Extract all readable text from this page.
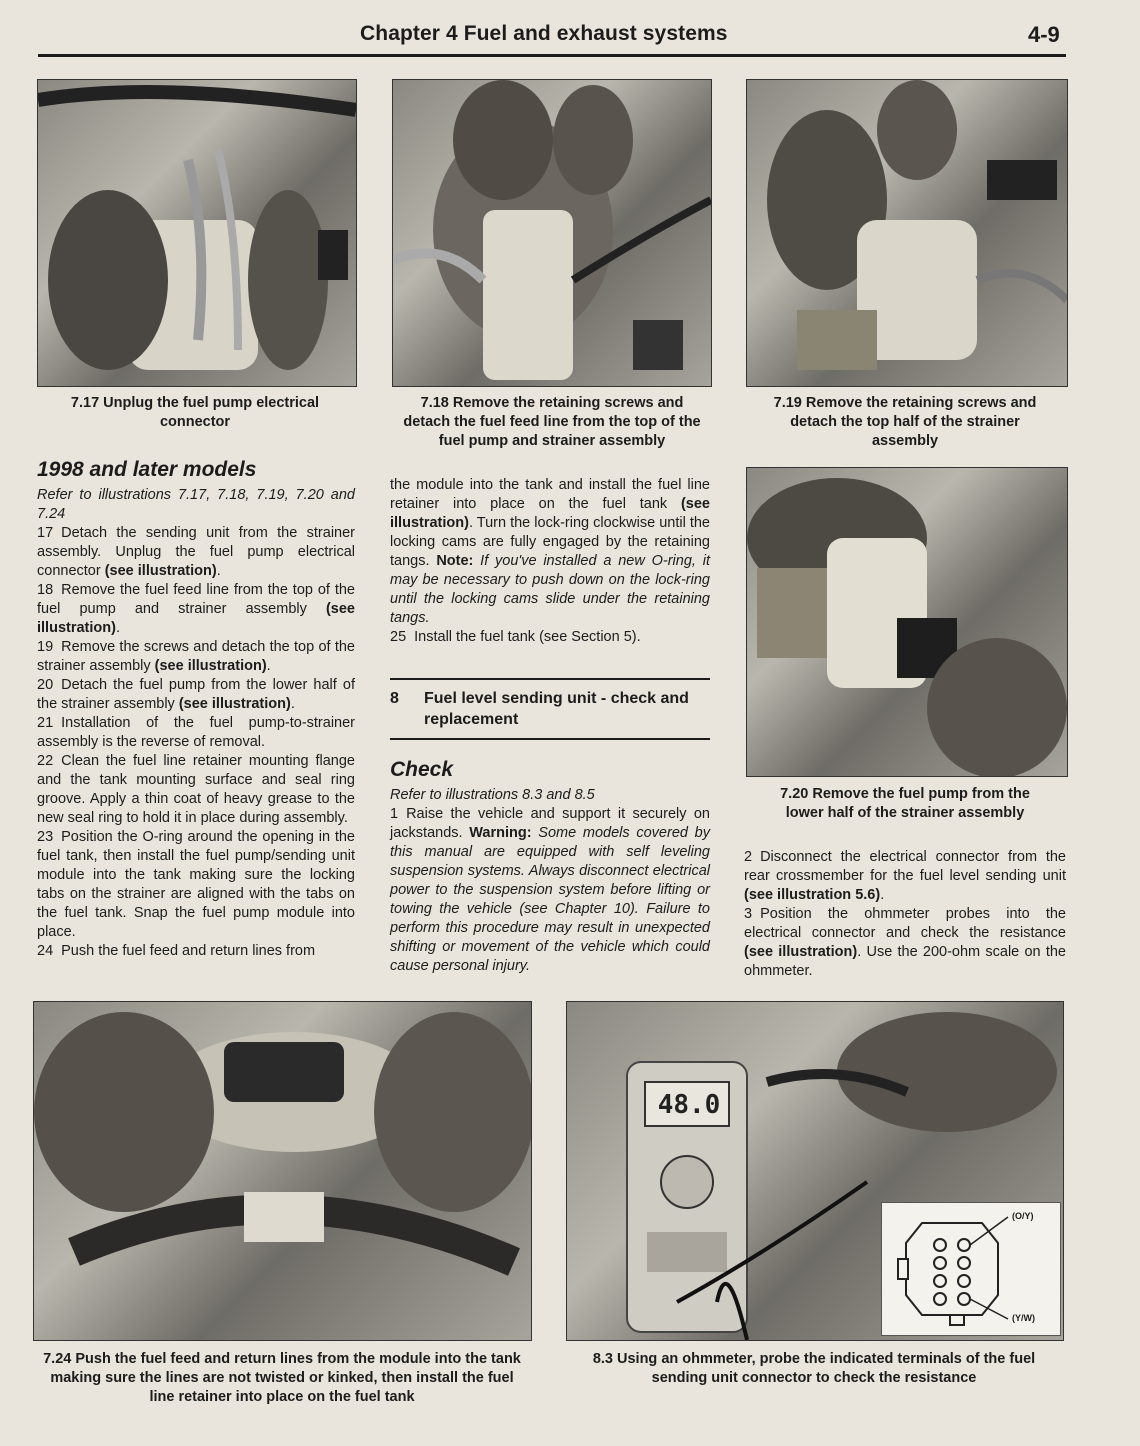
Chapter 4 Fuel and exhaust systems	4-9
7.17 Unplug the fuel pump electrical connector
7.18 Remove the retaining screws and detach the fuel feed line from the top of the fuel pump and strainer assembly
7.19 Remove the retaining screws and detach the top half of the strainer assembly
1998 and later models

Refer to illustrations 7.17, 7.18, 7.19, 7.20 and 7.24

17 Detach the sending unit from the strainer assembly. Unplug the fuel pump electrical connector (see illustration).

18 Remove the fuel feed line from the top of the fuel pump and strainer assembly (see illustration).

19 Remove the screws and detach the top of the strainer assembly (see illustration).

20 Detach the fuel pump from the lower half of the strainer assembly (see illustration).

21 Installation of the fuel pump-to-strainer assembly is the reverse of removal.

22 Clean the fuel line retainer mounting flange and the tank mounting surface and seal ring groove. Apply a thin coat of heavy grease to the new seal ring to hold it in place during assembly.

23 Position the O-ring around the opening in the fuel tank, then install the fuel pump/sending unit module into the tank making sure the locking tabs on the strainer are aligned with the tabs on the fuel tank. Snap the fuel pump module into place.

24 Push the fuel feed and return lines from

the module into the tank and install the fuel line retainer into place on the fuel tank (see illustration). Turn the lock-ring clockwise until the locking cams are fully engaged by the retaining tangs. Note: If you've installed a new O-ring, it may be necessary to push down on the lock-ring until the locking cams slide under the retaining tangs.

25 Install the fuel tank (see Section 5).

8 Fuel level sending unit - check and replacement
Check

Refer to illustrations 8.3 and 8.5

1 Raise the vehicle and support it securely on jackstands. Warning: Some models covered by this manual are equipped with self leveling suspension systems. Always disconnect electrical power to the suspension system before lifting or towing the vehicle (see Chapter 10). Failure to perform this procedure may result in unexpected shifting or movement of the vehicle which could cause personal injury.

7.20 Remove the fuel pump from the lower half of the strainer assembly

2 Disconnect the electrical connector from the rear crossmember for the fuel level sending unit (see illustration 5.6).

3 Position the ohmmeter probes into the electrical connector and check the resistance (see illustration). Use the 200-ohm scale on the ohmmeter.

7.24 Push the fuel feed and return lines from the module into the tank making sure the lines are not twisted or kinked, then install the fuel line retainer into place on the fuel tank
48.0
(O/Y)
(Y/W)
8.3 Using an ohmmeter, probe the indicated terminals of the fuel sending unit connector to check the resistance
